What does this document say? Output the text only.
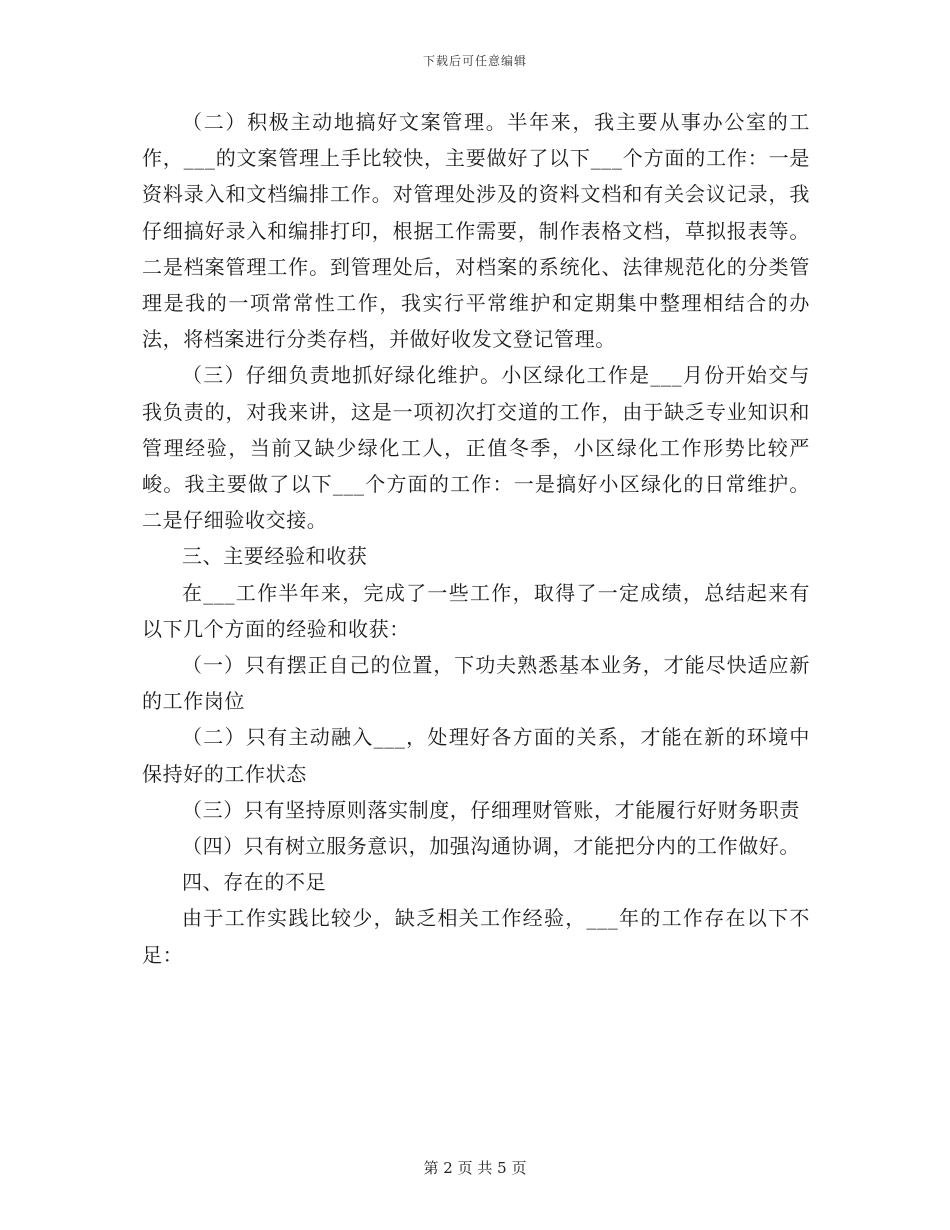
下载后可任意编辑

（二）积极主动地搞好文案管理。半年来，我主要从事办公室的工作，___的文案管理上手比较快，主要做好了以下___个方面的工作：一是资料录入和文档编排工作。对管理处涉及的资料文档和有关会议记录，我仔细搞好录入和编排打印，根据工作需要，制作表格文档，草拟报表等。二是档案管理工作。到管理处后，对档案的系统化、法律规范化的分类管理是我的一项常常性工作，我实行平常维护和定期集中整理相结合的办法，将档案进行分类存档，并做好收发文登记管理。

（三）仔细负责地抓好绿化维护。小区绿化工作是___月份开始交与我负责的，对我来讲，这是一项初次打交道的工作，由于缺乏专业知识和管理经验，当前又缺少绿化工人，正值冬季，小区绿化工作形势比较严峻。我主要做了以下___个方面的工作：一是搞好小区绿化的日常维护。二是仔细验收交接。

三、主要经验和收获

在___工作半年来，完成了一些工作，取得了一定成绩，总结起来有以下几个方面的经验和收获：

（一）只有摆正自己的位置，下功夫熟悉基本业务，才能尽快适应新的工作岗位

（二）只有主动融入___，处理好各方面的关系，才能在新的环境中保持好的工作状态

（三）只有坚持原则落实制度，仔细理财管账，才能履行好财务职责

（四）只有树立服务意识，加强沟通协调，才能把分内的工作做好。

四、存在的不足

由于工作实践比较少，缺乏相关工作经验，___年的工作存在以下不足：

第 2 页 共 5 页
